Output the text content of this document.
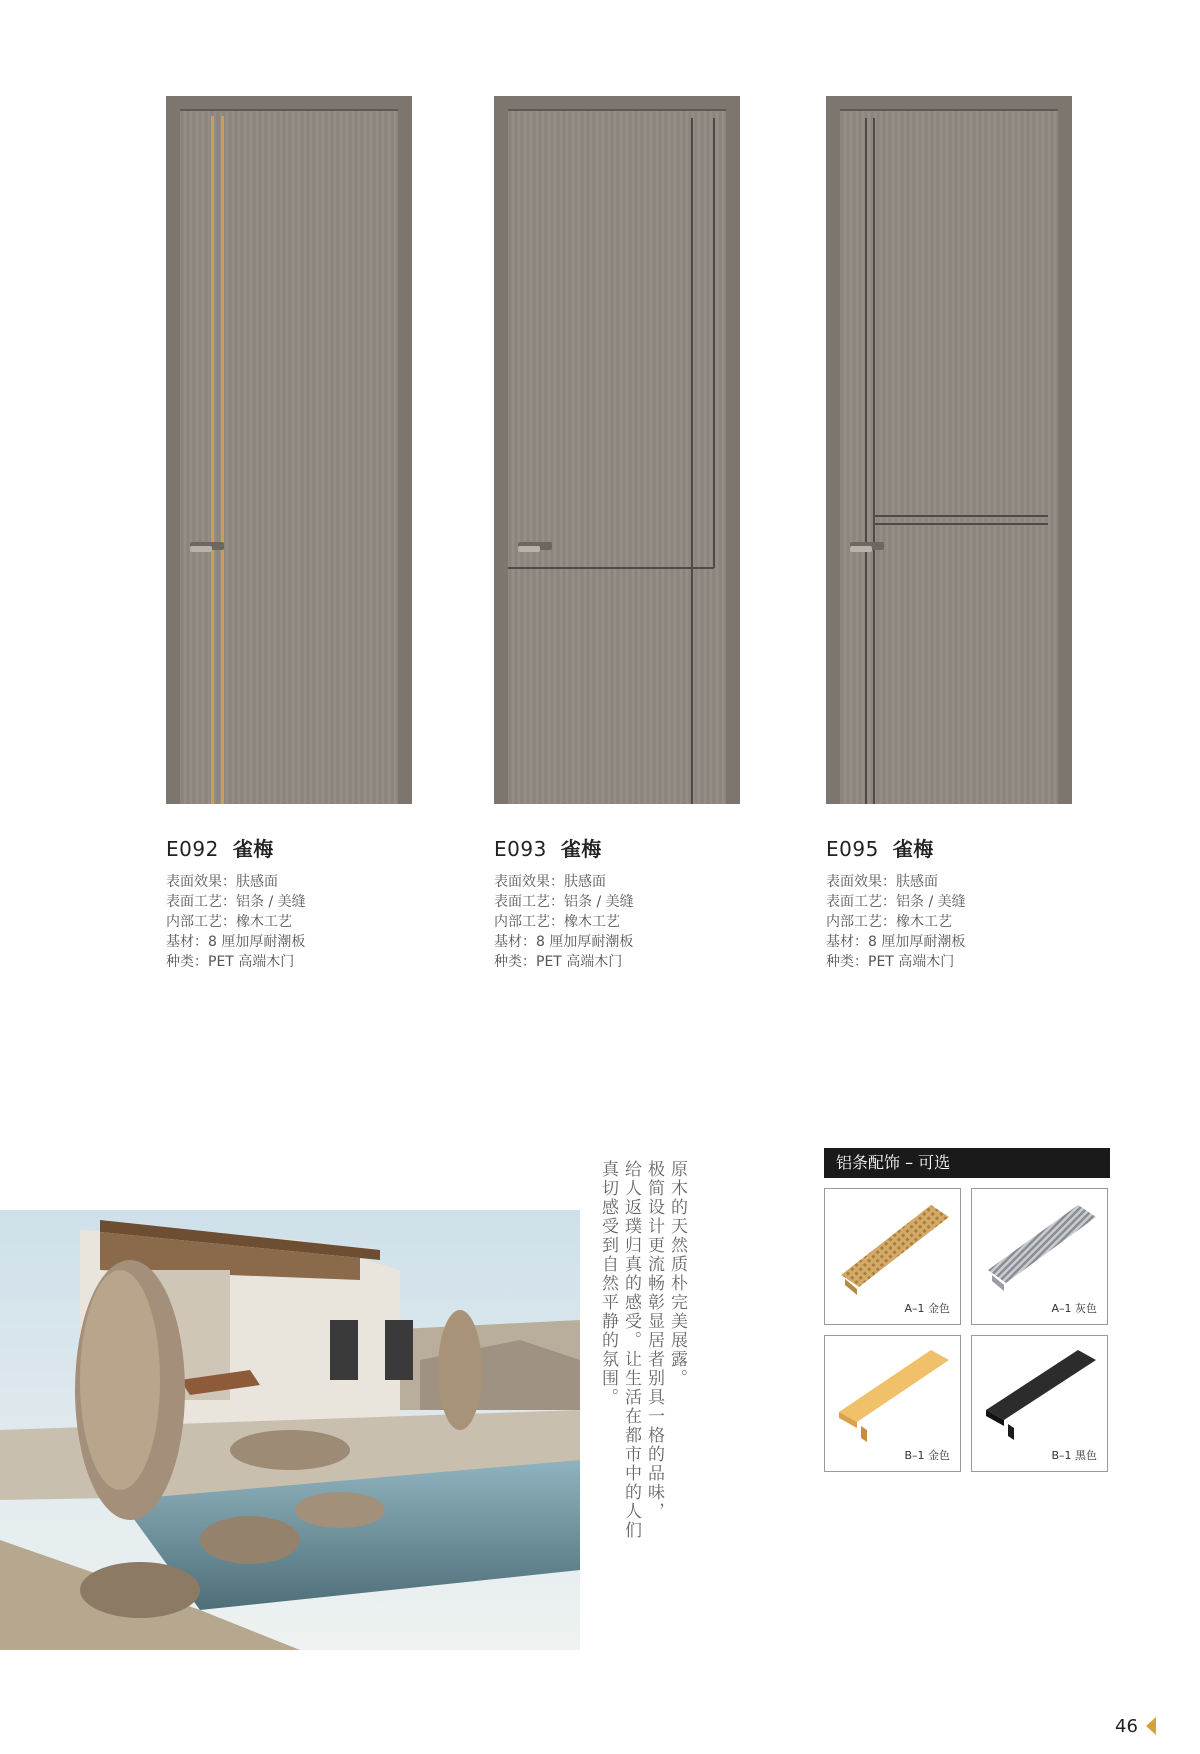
E092 雀梅
表面效果：肤感面
表面工艺：铝条 / 美缝
内部工艺：橡木工艺
基材：8 厘加厚耐潮板
种类：PET 高端木门
E093 雀梅
表面效果：肤感面
表面工艺：铝条 / 美缝
内部工艺：橡木工艺
基材：8 厘加厚耐潮板
种类：PET 高端木门
E095 雀梅
表面效果：肤感面
表面工艺：铝条 / 美缝
内部工艺：橡木工艺
基材：8 厘加厚耐潮板
种类：PET 高端木门
原木的天然质朴完美展露。
极简设计更流畅彰显居者别具一格的品味，
给人返璞归真的感受。让生活在都市中的人们
真切感受到自然平静的氛围。	铝条配饰 – 可选
A–1 金色	A–1 灰色
B–1 金色	B–1 黑色
46
